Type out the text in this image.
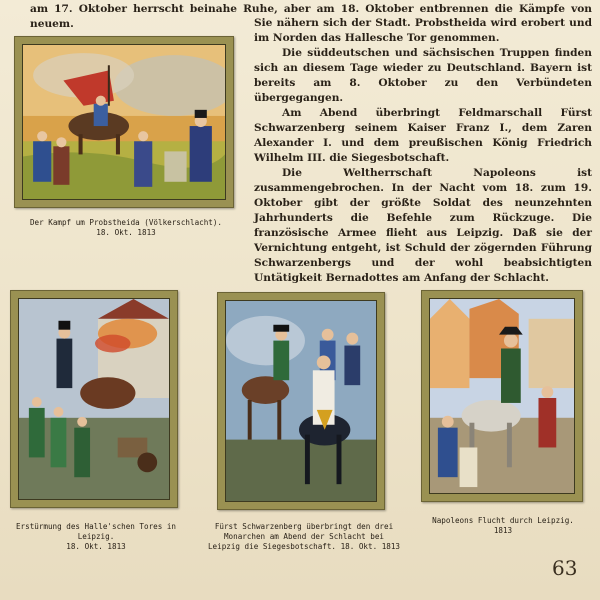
am 17. Oktober herrscht beinahe Ruhe, aber am 18. Oktober entbrennen die Kämpfe von neuem.	Sie nähern sich der Stadt. Probstheida wird erobert und im Norden das Hallesche Tor genommen.

Die süddeutschen und sächsischen Truppen finden sich an diesem Tage wieder zu Deutschland. Bayern ist bereits am 8. Oktober zu den Verbündeten übergegangen.

Am Abend überbringt Feldmarschall Fürst Schwarzenberg seinem Kaiser Franz I., dem Zaren Alexander I. und dem preußischen König Friedrich Wilhelm III. die Siegesbotschaft.

Die Weltherrschaft Napoleons ist zusammengebrochen. In der Nacht vom 18. zum 19. Oktober gibt der größte Soldat des neunzehnten Jahrhunderts die Befehle zum Rückzuge. Die französische Armee flieht aus Leipzig. Daß sie der Vernichtung entgeht, ist Schuld der zögernden Führung Schwarzenbergs und der wohl beabsichtigten Untätigkeit Bernadottes am Anfang der Schlacht.

Der Kampf um Probstheida (Völkerschlacht).
18. Okt. 1813
Erstürmung des Halle'schen Tores in Leipzig.
18. Okt. 1813
Fürst Schwarzenberg überbringt den drei Monarchen am Abend der Schlacht bei
Leipzig die Siegesbotschaft. 18. Okt. 1813
Napoleons Flucht durch Leipzig.
1813
63
